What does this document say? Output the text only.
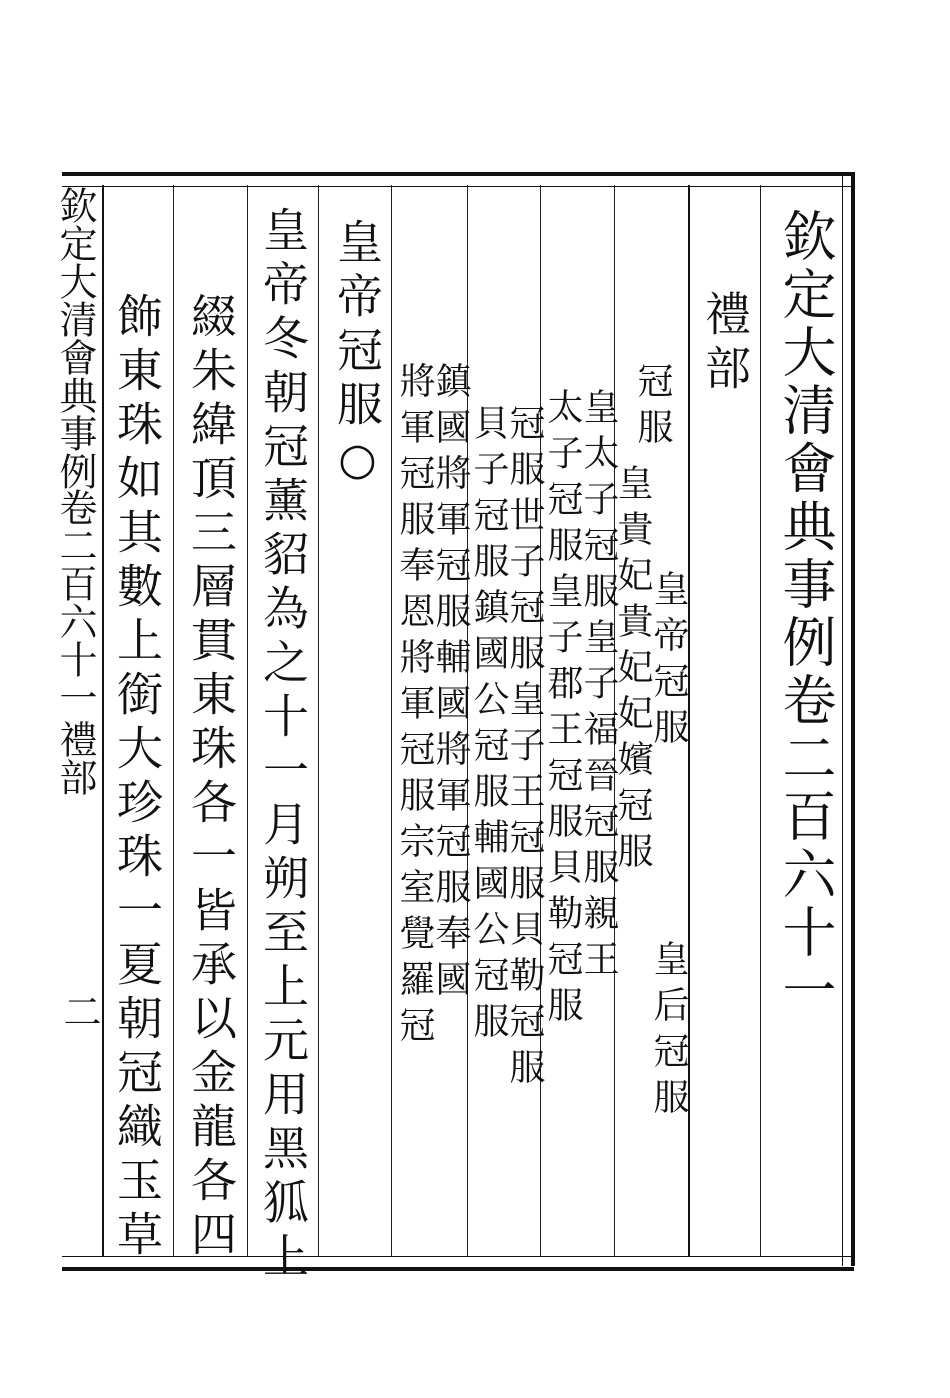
欽定大清會典事例卷二百六十一
禮部
冠服
皇帝冠服
皇后冠服
皇貴妃貴妃妃嬪冠服
皇太子冠服皇子福晉冠服親王
太子冠服皇子郡王冠服貝勒冠服
冠服世子冠服皇子王冠服貝勒冠服
貝子冠服鎮國公冠服輔國公冠服
鎮國將軍冠服輔國將軍冠服奉國
將軍冠服奉恩將軍冠服宗室覺羅冠
皇帝冠服○
皇帝冬朝冠薰貂為之十一月朔至上元用黑狐上
綴朱緯頂三層貫東珠各一皆承以金龍各四
飾東珠如其數上銜大珍珠一夏朝冠織玉草
欽定大清會典事例
卷二百六十一
禮部
二
